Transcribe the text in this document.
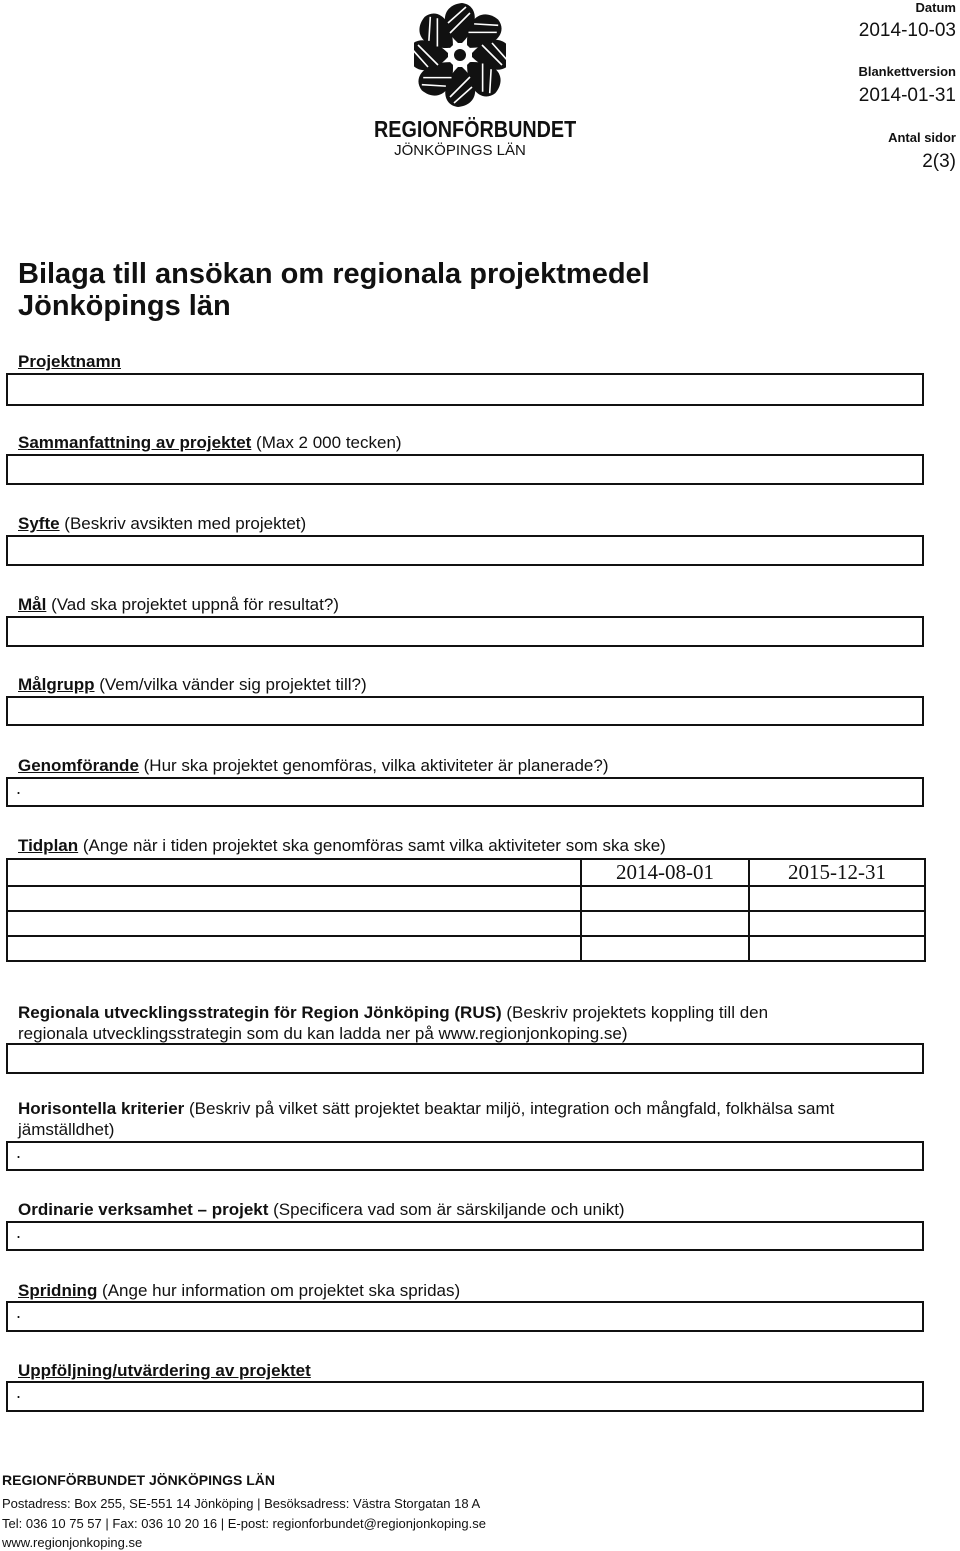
REGIONFÖRBUNDET
JÖNKÖPINGS LÄN
Datum
2014-10-03
Blankettversion
2014-01-31
Antal sidor
2(3)
Bilaga till ansökan om regionala projektmedel
Jönköpings län
Projektnamn
Sammanfattning av projektet (Max 2 000 tecken)
Syfte (Beskriv avsikten med projektet)
Mål (Vad ska projektet uppnå för resultat?)
Målgrupp (Vem/vilka vänder sig projektet till?)
Genomförande (Hur ska projektet genomföras, vilka aktiviteter är planerade?)
.
Tidplan (Ange när i tiden projektet ska genomföras samt vilka aktiviteter som ska ske)
	2014-08-01	2015-12-31

Regionala utvecklingsstrategin för Region Jönköping (RUS) (Beskriv projektets koppling till den
regionala utvecklingsstrategin som du kan ladda ner på www.regionjonkoping.se)
Horisontella kriterier (Beskriv på vilket sätt projektet beaktar miljö, integration och mångfald, folkhälsa samt
jämställdhet)
.
Ordinarie verksamhet – projekt (Specificera vad som är särskiljande och unikt)
.
Spridning (Ange hur information om projektet ska spridas)
.
Uppföljning/utvärdering av projektet
.
REGIONFÖRBUNDET JÖNKÖPINGS LÄN
Postadress: Box 255, SE-551 14 Jönköping | Besöksadress: Västra Storgatan 18 A
Tel: 036 10 75 57 | Fax: 036 10 20 16 | E-post: regionforbundet@regionjonkoping.se
www.regionjonkoping.se
